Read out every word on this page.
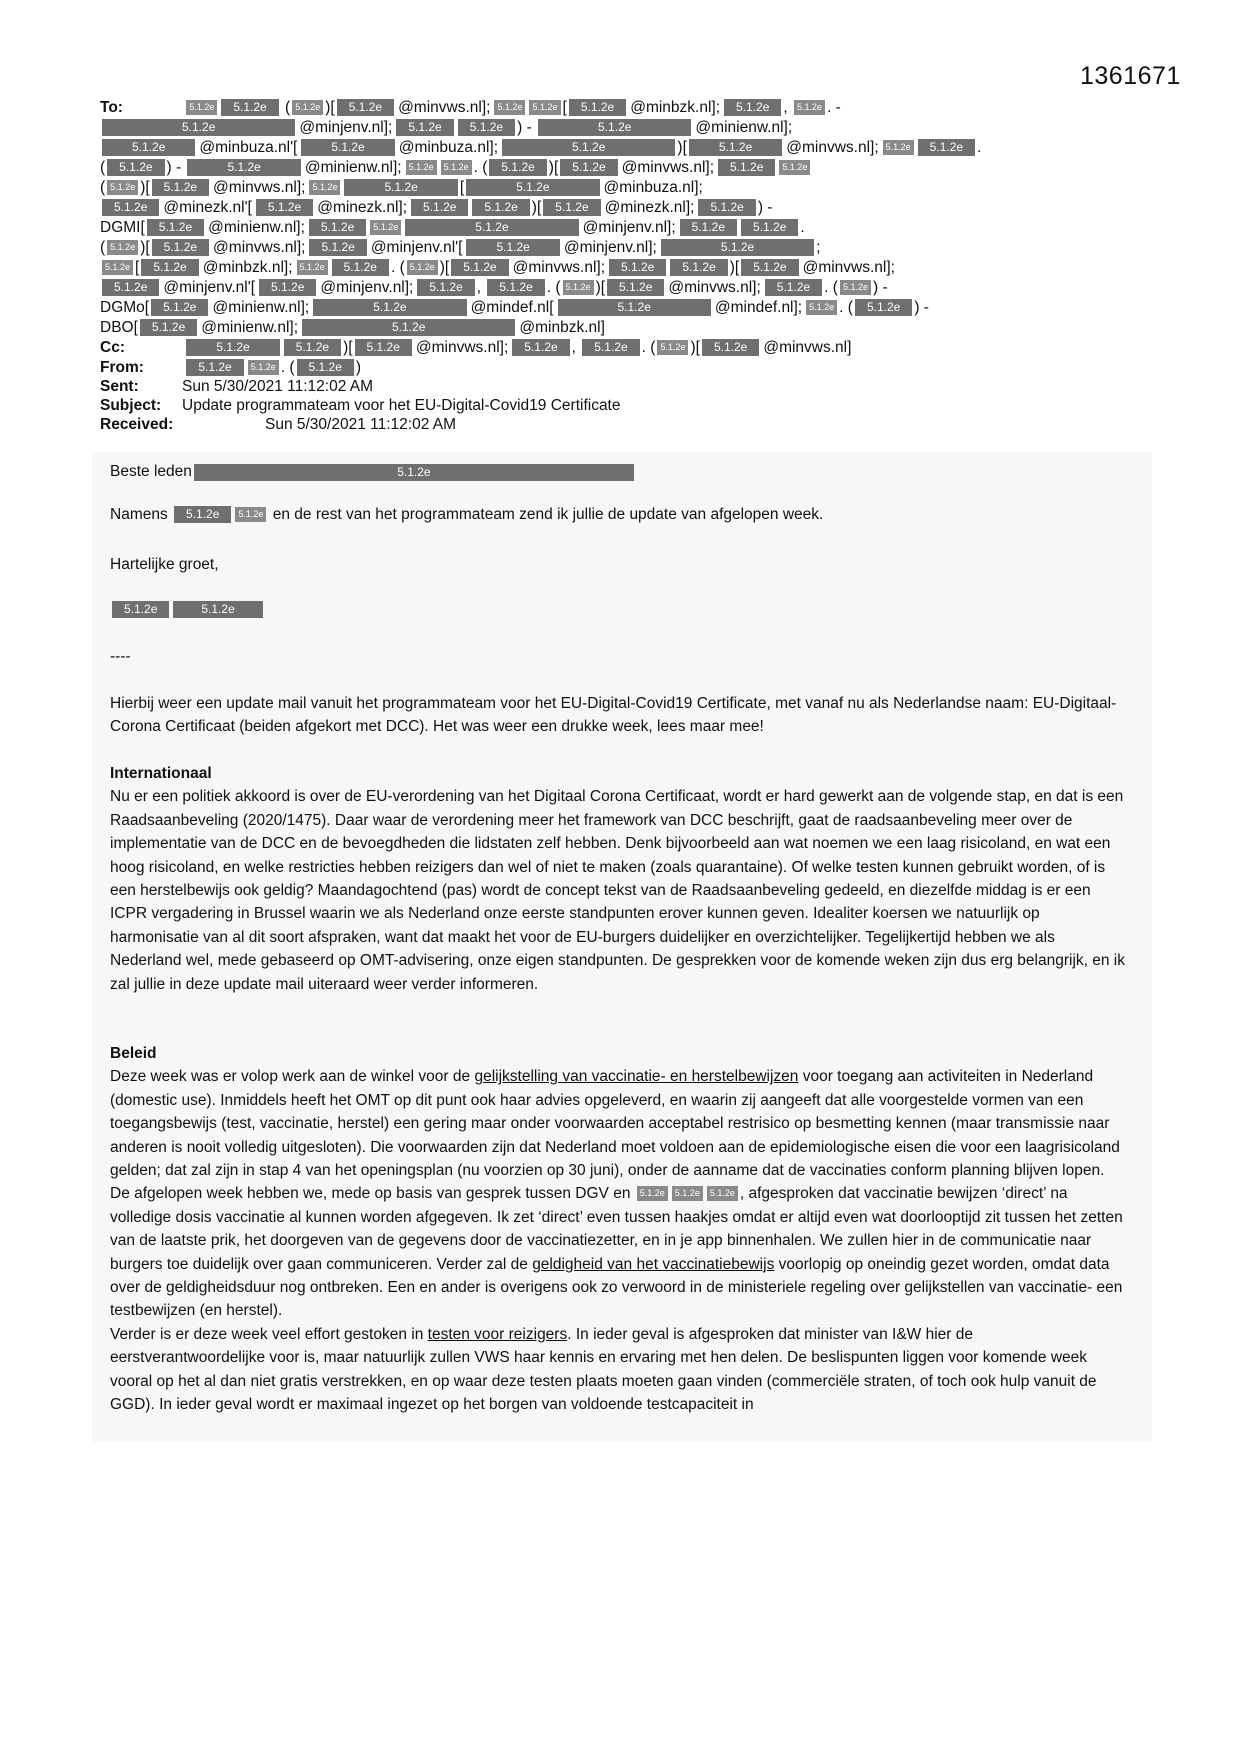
1361671
To:	5.1.2e 5.1.2e ( 5.1.2e )[ 5.1.2e @minvws.nl]; 5.1.2e 5.1.2e [ 5.1.2e @minbzk.nl]; 5.1.2e , 5.1.2e . -
5.1.2e	@minjenv.nl]; 5.1.2e 5.1.2e ) -	5.1.2e	@minienw.nl];
5.1.2e @minbuza.nl'[	5.1.2e @minbuza.nl];	5.1.2e	)[	5.1.2e @minvws.nl]; 5.1.2e 5.1.2e .
( 5.1.2e ) -	5.1.2e	@minienw.nl]; 5.1.2e 5.1.2e . ( 5.1.2e )[ 5.1.2e @minvws.nl]; 5.1.2e 5.1.2e
( 5.1.2e )[ 5.1.2e @minvws.nl]; 5.1.2e	5.1.2e	[	5.1.2e	@minbuza.nl];
5.1.2e @minezk.nl'[ 5.1.2e @minezk.nl]; 5.1.2e 5.1.2e )[ 5.1.2e @minezk.nl]; 5.1.2e ) -
DGMI[ 5.1.2e @minienw.nl]; 5.1.2e 5.1.2e	5.1.2e	@minjenv.nl]; 5.1.2e 5.1.2e .
( 5.1.2e )[ 5.1.2e @minvws.nl]; 5.1.2e @minjenv.nl'[	5.1.2e @minjenv.nl];	5.1.2e	;
5.1.2e [ 5.1.2e @minbzk.nl]; 5.1.2e 5.1.2e . ( 5.1.2e )[ 5.1.2e @minvws.nl]; 5.1.2e 5.1.2e )[ 5.1.2e @minvws.nl];
5.1.2e @minjenv.nl'[ 5.1.2e @minjenv.nl]; 5.1.2e , 5.1.2e . ( 5.1.2e )[ 5.1.2e @minvws.nl]; 5.1.2e . ( 5.1.2e ) -
DGMo[ 5.1.2e @minienw.nl];	5.1.2e	@mindef.nl[	5.1.2e	@mindef.nl]; 5.1.2e . ( 5.1.2e ) -
DBO[ 5.1.2e @minienw.nl];	5.1.2e	@minbzk.nl]
Cc:	5.1.2e	5.1.2e )[ 5.1.2e @minvws.nl]; 5.1.2e , 5.1.2e . ( 5.1.2e )[ 5.1.2e @minvws.nl]
From:	5.1.2e 5.1.2e . ( 5.1.2e )
Sent:	Sun 5/30/2021 11:12:02 AM
Subject: Update programmateam voor het EU-Digital-Covid19 Certificate
Received:	Sun 5/30/2021 11:12:02 AM
Beste leden	5.1.2e
Namens 5.1.2e 5.1.2e en de rest van het programmateam zend ik jullie de update van afgelopen week.
Hartelijke groet,
5.1.2e	5.1.2e
----
Hierbij weer een update mail vanuit het programmateam voor het EU-Digital-Covid19 Certificate, met vanaf nu als Nederlandse naam: EU-Digitaal-Corona Certificaat (beiden afgekort met DCC). Het was weer een drukke week, lees maar mee!

Internationaal

Nu er een politiek akkoord is over de EU-verordening van het Digitaal Corona Certificaat, wordt er hard gewerkt aan de volgende stap, en dat is een Raadsaanbeveling (2020/1475). Daar waar de verordening meer het framework van DCC beschrijft, gaat de raadsaanbeveling meer over de implementatie van de DCC en de bevoegdheden die lidstaten zelf hebben. Denk bijvoorbeeld aan wat noemen we een laag risicoland, en wat een hoog risicoland, en welke restricties hebben reizigers dan wel of niet te maken (zoals quarantaine). Of welke testen kunnen gebruikt worden, of is een herstelbewijs ook geldig? Maandagochtend (pas) wordt de concept tekst van de Raadsaanbeveling gedeeld, en diezelfde middag is er een ICPR vergadering in Brussel waarin we als Nederland onze eerste standpunten erover kunnen geven. Idealiter koersen we natuurlijk op harmonisatie van al dit soort afspraken, want dat maakt het voor de EU-burgers duidelijker en overzichtelijker. Tegelijkertijd hebben we als Nederland wel, mede gebaseerd op OMT-advisering, onze eigen standpunten. De gesprekken voor de komende weken zijn dus erg belangrijk, en ik zal jullie in deze update mail uiteraard weer verder informeren.

Beleid

Deze week was er volop werk aan de winkel voor de gelijkstelling van vaccinatie- en herstelbewijzen voor toegang aan activiteiten in Nederland (domestic use). Inmiddels heeft het OMT op dit punt ook haar advies opgeleverd, en waarin zij aangeeft dat alle voorgestelde vormen van een toegangsbewijs (test, vaccinatie, herstel) een gering maar onder voorwaarden acceptabel restrisico op besmetting kennen (maar transmissie naar anderen is nooit volledig uitgesloten). Die voorwaarden zijn dat Nederland moet voldoen aan de epidemiologische eisen die voor een laagrisicoland gelden; dat zal zijn in stap 4 van het openingsplan (nu voorzien op 30 juni), onder de aanname dat de vaccinaties conform planning blijven lopen.

De afgelopen week hebben we, mede op basis van gesprek tussen DGV en 5.1.2e 5.1.2e 5.1.2e , afgesproken dat vaccinatie bewijzen ‘direct’ na volledige dosis vaccinatie al kunnen worden afgegeven. Ik zet ‘direct’ even tussen haakjes omdat er altijd even wat doorlooptijd zit tussen het zetten van de laatste prik, het doorgeven van de gegevens door de vaccinatiezetter, en in je app binnenhalen. We zullen hier in de communicatie naar burgers toe duidelijk over gaan communiceren. Verder zal de geldigheid van het vaccinatiebewijs voorlopig op oneindig gezet worden, omdat data over de geldigheidsduur nog ontbreken. Een en ander is overigens ook zo verwoord in de ministeriele regeling over gelijkstellen van vaccinatie- een testbewijzen (en herstel).

Verder is er deze week veel effort gestoken in testen voor reizigers. In ieder geval is afgesproken dat minister van I&W hier de eerstverantwoordelijke voor is, maar natuurlijk zullen VWS haar kennis en ervaring met hen delen. De beslispunten liggen voor komende week vooral op het al dan niet gratis verstrekken, en op waar deze testen plaats moeten gaan vinden (commerciële straten, of toch ook hulp vanuit de GGD). In ieder geval wordt er maximaal ingezet op het borgen van voldoende testcapaciteit in
